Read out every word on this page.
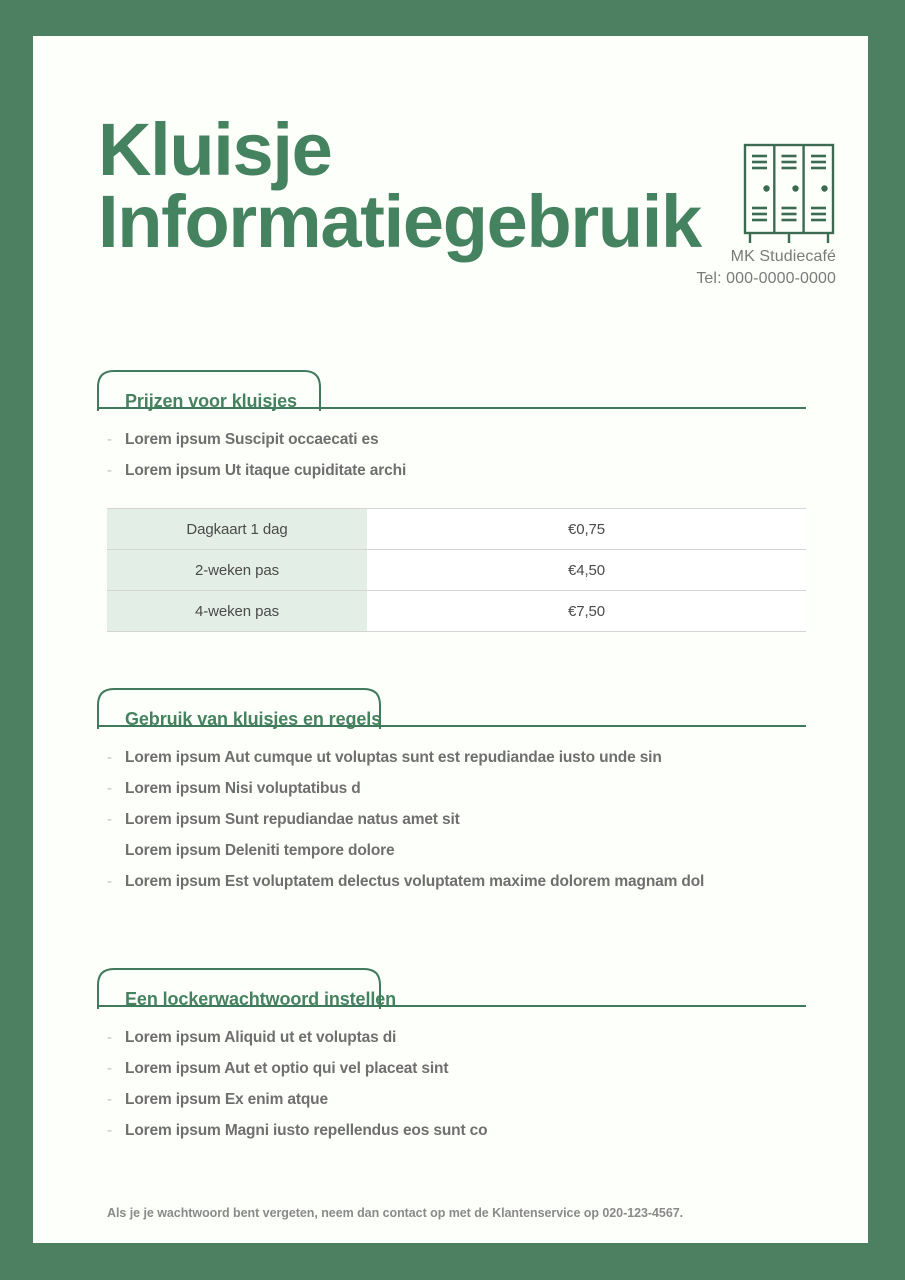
MK Studiecafé
Tel: 000-0000-0000
Kluisje
Informatiegebruik
Prijzen voor kluisjes
- Lorem ipsum Suscipit occaecati es
- Lorem ipsum Ut itaque cupiditate archi
Dagkaart 1 dag	€0,75
2-weken pas	€4,50
4-weken pas	€7,50
Gebruik van kluisjes en regels
- Lorem ipsum Aut cumque ut voluptas sunt est repudiandae iusto unde sin
- Lorem ipsum Nisi voluptatibus d
- Lorem ipsum Sunt repudiandae natus amet sit
Lorem ipsum Deleniti tempore dolore
- Lorem ipsum Est voluptatem delectus voluptatem maxime dolorem magnam dol
Een lockerwachtwoord instellen
- Lorem ipsum Aliquid ut et voluptas di
- Lorem ipsum Aut et optio qui vel placeat sint
- Lorem ipsum Ex enim atque
- Lorem ipsum Magni iusto repellendus eos sunt co
Als je je wachtwoord bent vergeten, neem dan contact op met de Klantenservice op 020-123-4567.
